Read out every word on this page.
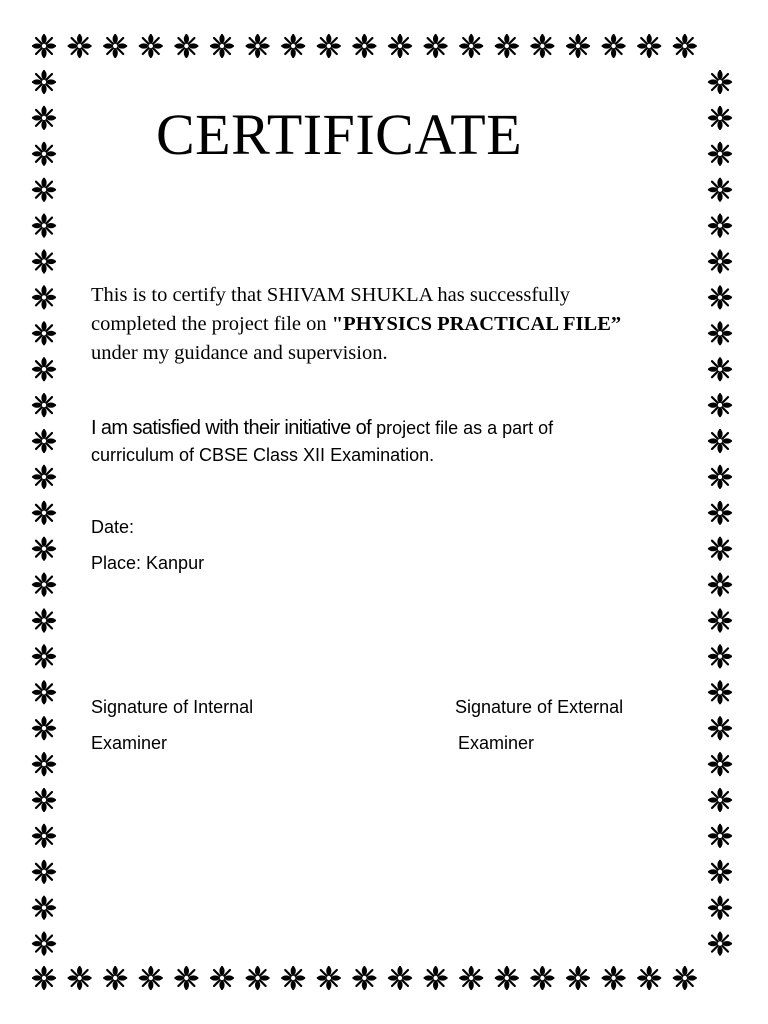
CERTIFICATE
This is to certify that SHIVAM SHUKLA has successfully
completed the project file on "PHYSICS PRACTICAL FILE”
under my guidance and supervision.
I am satisfied with their initiative of project file as a part of
curriculum of CBSE Class XII Examination.
Date:
Place: Kanpur
Signature of Internal
Examiner
Signature of External
Examiner
